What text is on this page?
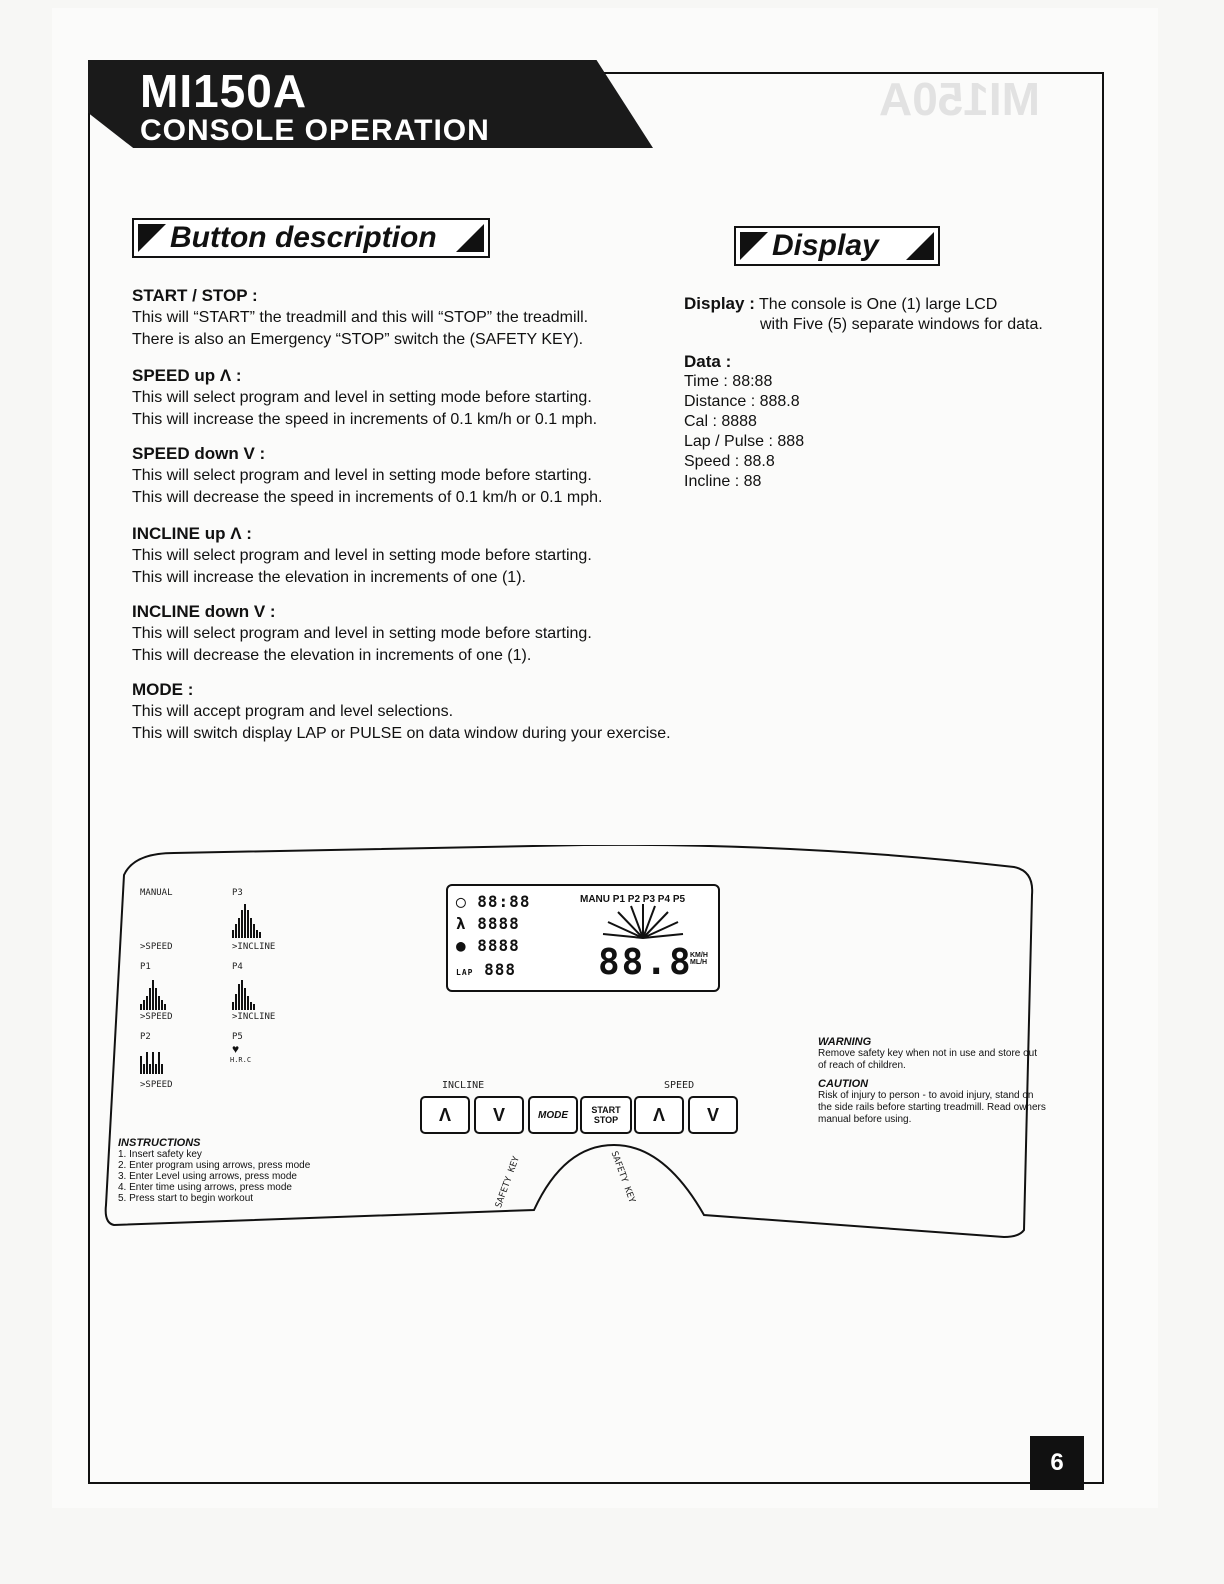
MI150A
MI150A
CONSOLE OPERATION
Button description	Display
START / STOP :

This will “START” the treadmill and this will “STOP” the treadmill.

There is also an Emergency “STOP” switch the (SAFETY KEY).

SPEED up Λ :

This will select program and level in setting mode before starting.

This will increase the speed in increments of 0.1 km/h or 0.1 mph.

SPEED down V :

This will select program and level in setting mode before starting.

This will decrease the speed in increments of 0.1 km/h or 0.1 mph.

INCLINE up Λ :

This will select program and level in setting mode before starting.

This will increase the elevation in increments of one (1).

INCLINE down V :

This will select program and level in setting mode before starting.

This will decrease the elevation in increments of one (1).

MODE :

This will accept program and level selections.

This will switch display LAP or PULSE on data window during your exercise.

Display : The console is One (1) large LCD
with Five (5) separate windows for data.
Data :
Time : 88:88
Distance : 888.8
Cal : 8888
Lap / Pulse : 888
Speed : 88.8
Incline : 88
MANUAL	P3
>SPEED	>INCLINE
P1	P4
>SPEED	>INCLINE
P2	P5
♥
H.R.C
>SPEED
◯ 88:88
λ 8888
● 8888
LAP 888
MANU P1 P2 P3 P4 P5
88.8
KM/H ML/H
INCLINE	SPEED
Λ	V	MODE	START
STOP	Λ	V
SAFETY KEY	SAFETY KEY
WARNING
Remove safety key when not in use and store out of reach of children.
CAUTION
Risk of injury to person - to avoid injury, stand on the side rails before starting treadmill. Read owners manual before using.
INSTRUCTIONS
1. Insert safety key
2. Enter program using arrows, press mode
3. Enter Level using arrows, press mode
4. Enter time using arrows, press mode
5. Press start to begin workout
6
